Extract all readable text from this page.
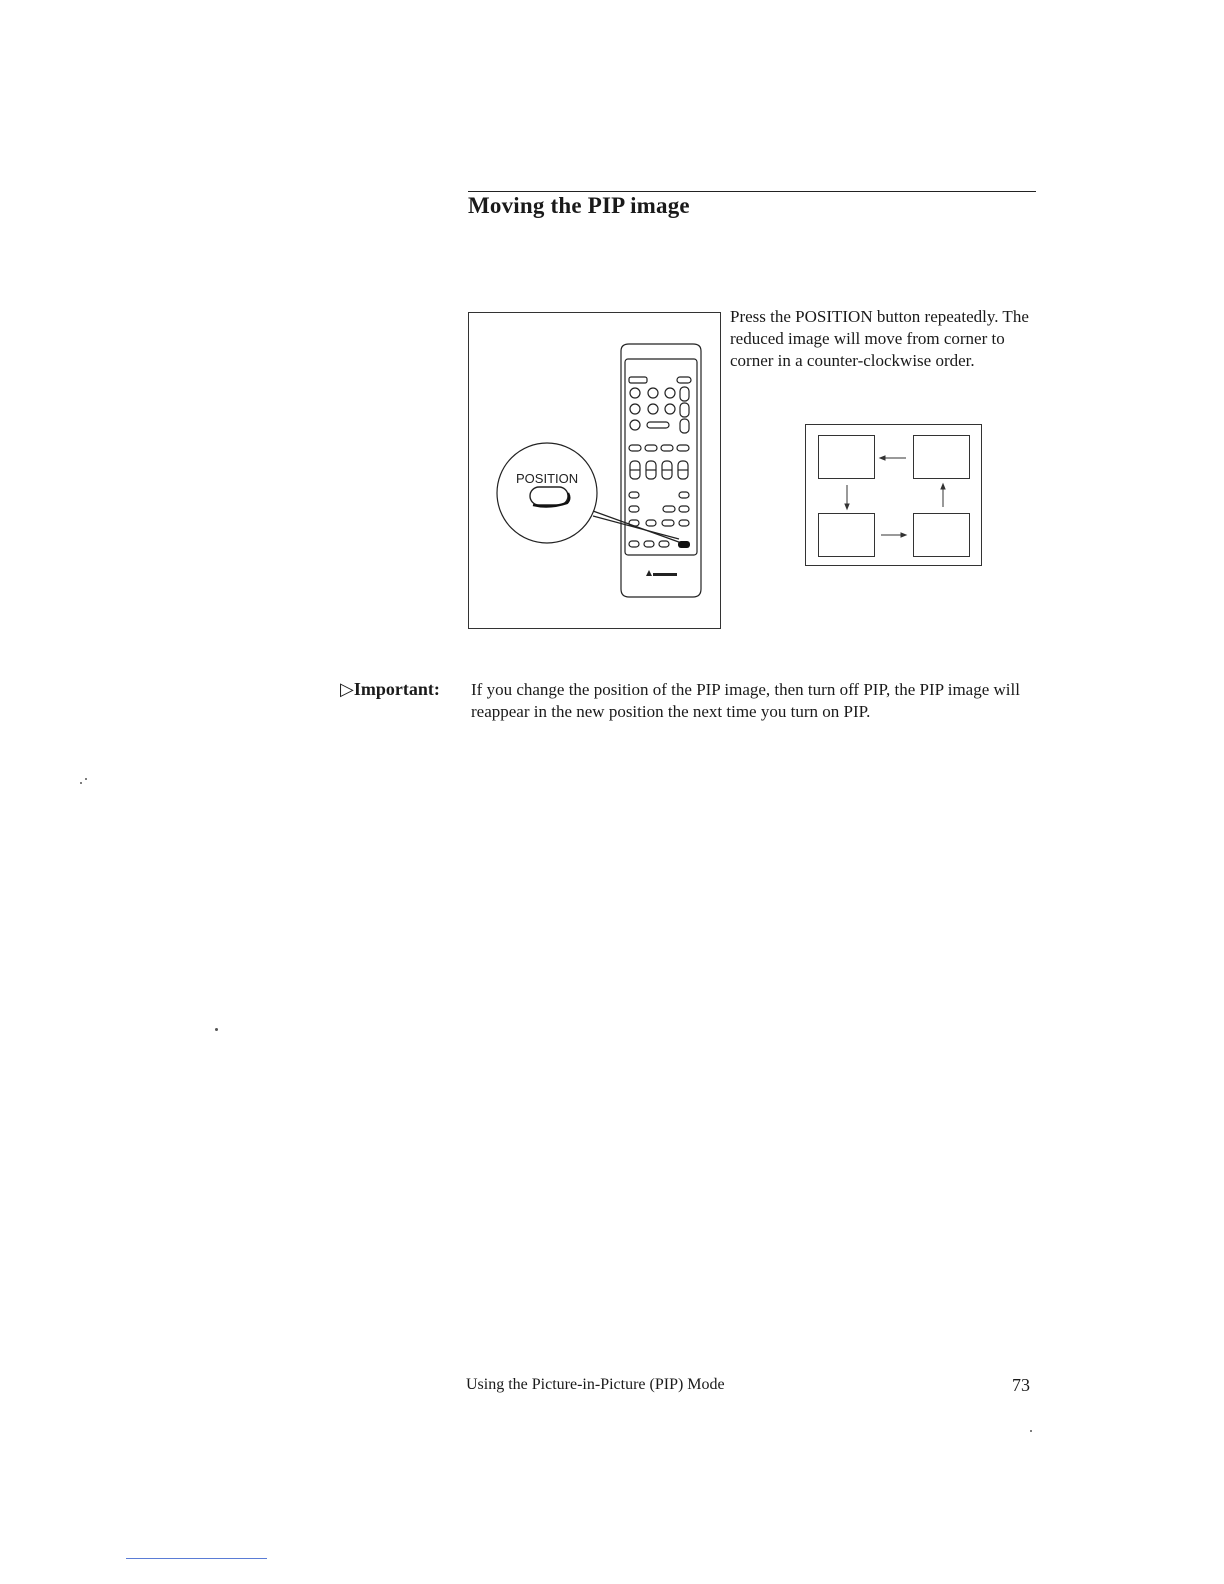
Moving the PIP image
POSITION
Press the POSITION button repeatedly. The reduced image will move from corner to corner in a counter-clockwise order.
▷Important: If you change the position of the PIP image, then turn off PIP, the PIP image will reappear in the new position the next time you turn on PIP.
Using the Picture-in-Picture (PIP) Mode	73
